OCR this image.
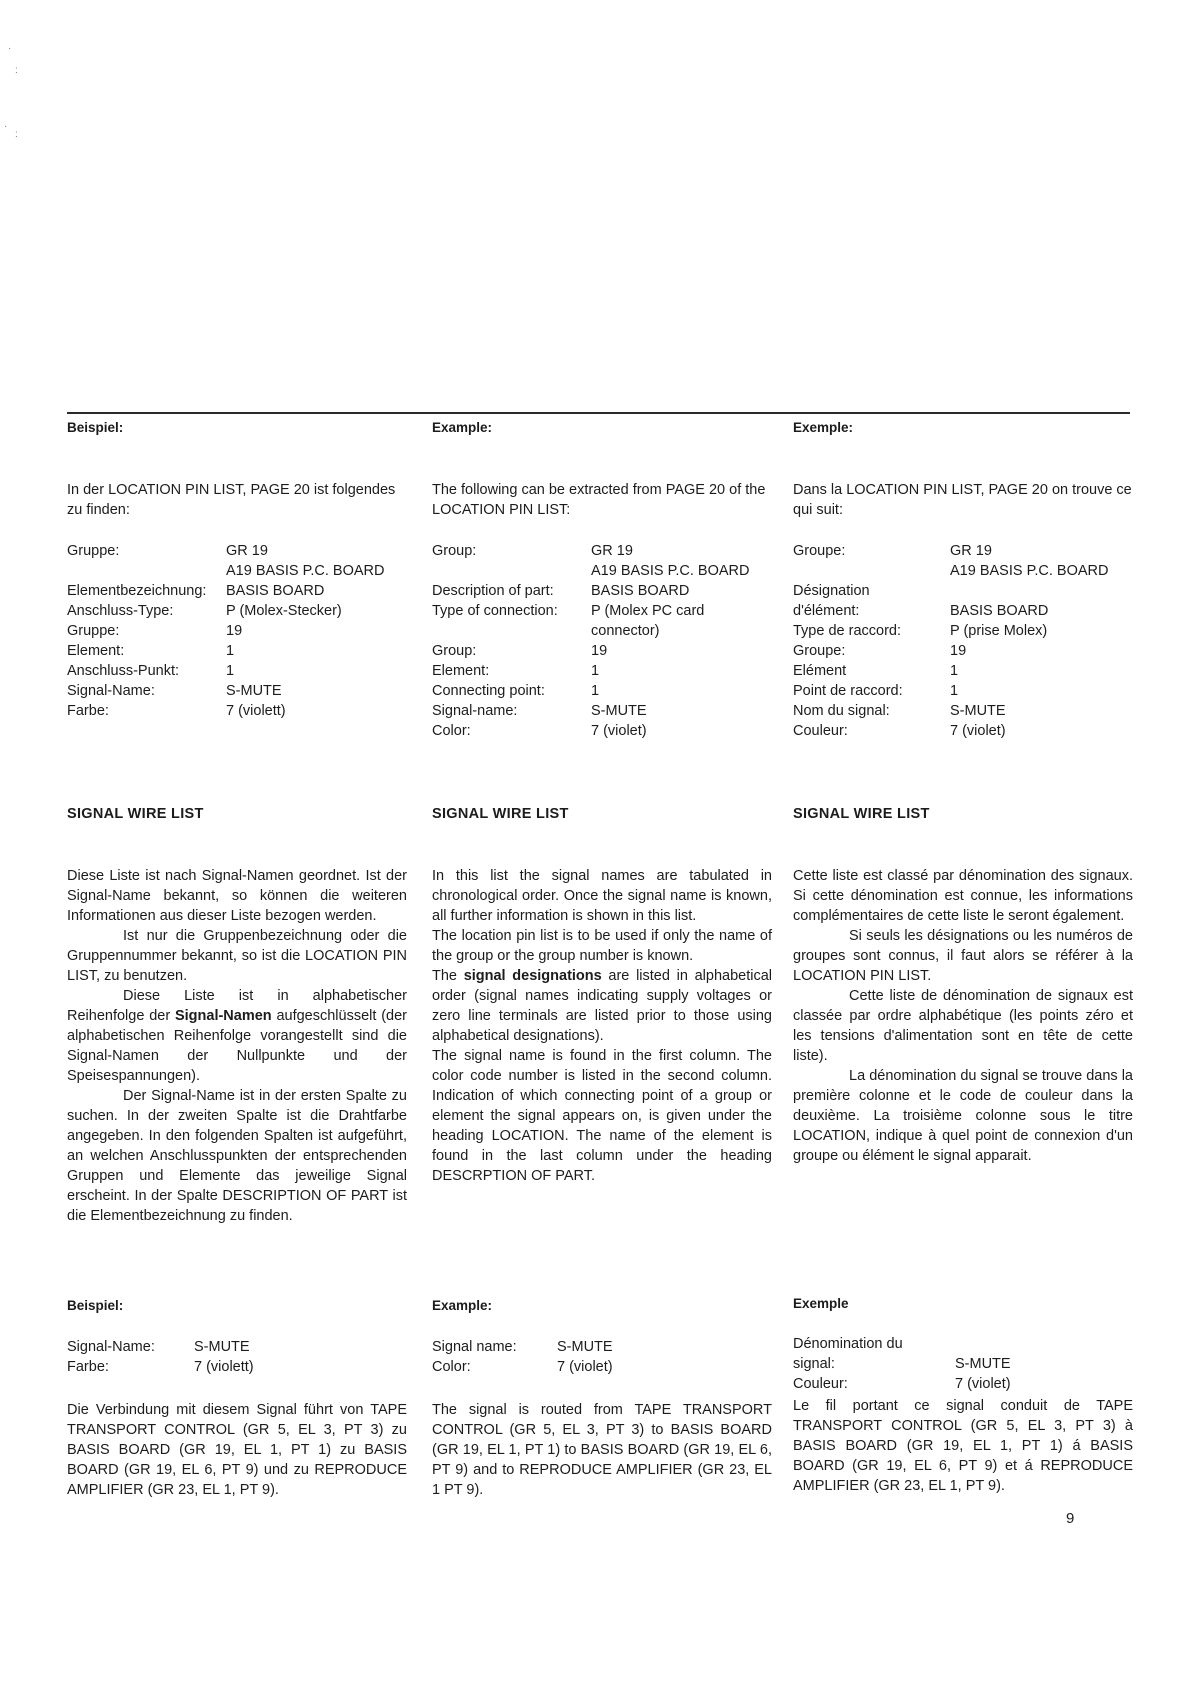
·
:
·
:

Beispiel:

In der LOCATION PIN LIST, PAGE 20 ist folgendes zu finden:

Gruppe:	GR 19
A19 BASIS P.C. BOARD
Elementbezeichnung:	BASIS BOARD
Anschluss-Type:	P (Molex-Stecker)
Gruppe:	19
Element:	1
Anschluss-Punkt:	1
Signal-Name:	S-MUTE
Farbe:	7 (violett)

SIGNAL WIRE LIST

Diese Liste ist nach Signal-Namen geordnet. Ist der Signal-Name bekannt, so können die weiteren Informationen aus dieser Liste bezogen werden.

Ist nur die Gruppenbezeichnung oder die Gruppennummer bekannt, so ist die LOCATION PIN LIST, zu benutzen.

Diese Liste ist in alphabetischer Reihenfolge der Signal-Namen aufgeschlüsselt (der alphabetischen Reihenfolge vorangestellt sind die Signal-Namen der Nullpunkte und der Speisespannungen).

Der Signal-Name ist in der ersten Spalte zu suchen. In der zweiten Spalte ist die Drahtfarbe angegeben. In den folgenden Spalten ist aufgeführt, an welchen Anschlusspunkten der entsprechenden Gruppen und Elemente das jeweilige Signal erscheint. In der Spalte DESCRIPTION OF PART ist die Elementbezeichnung zu finden.

Beispiel:

Signal-Name:	S-MUTE
Farbe:	7 (violett)

Die Verbindung mit diesem Signal führt von TAPE TRANSPORT CONTROL (GR 5, EL 3, PT 3) zu BASIS BOARD (GR 19, EL 1, PT 1) zu BASIS BOARD (GR 19, EL 6, PT 9) und zu REPRODUCE AMPLIFIER (GR 23, EL 1, PT 9).

Example:

The following can be extracted from PAGE 20 of the LOCATION PIN LIST:

Group:	GR 19
A19 BASIS P.C. BOARD
Description of part:	BASIS BOARD
Type of connection:	P (Molex PC card connector)
Group:	19
Element:	1
Connecting point:	1
Signal-name:	S-MUTE
Color:	7 (violet)

SIGNAL WIRE LIST

In this list the signal names are tabulated in chronological order. Once the signal name is known, all further information is shown in this list.

The location pin list is to be used if only the name of the group or the group number is known.

The signal designations are listed in alphabetical order (signal names indicating supply voltages or zero line terminals are listed prior to those using alphabetical designations).

The signal name is found in the first column. The color code number is listed in the second column. Indication of which connecting point of a group or element the signal appears on, is given under the heading LOCATION. The name of the element is found in the last column under the heading DESCRPTION OF PART.

Example:

Signal name:	S-MUTE
Color:	7 (violet)

The signal is routed from TAPE TRANSPORT CONTROL (GR 5, EL 3, PT 3) to BASIS BOARD (GR 19, EL 1, PT 1) to BASIS BOARD (GR 19, EL 6, PT 9) and to REPRODUCE AMPLIFIER (GR 23, EL 1 PT 9).

Exemple:

Dans la LOCATION PIN LIST, PAGE 20 on trouve ce qui suit:

Groupe:	GR 19
A19 BASIS P.C. BOARD
Désignation
d'élément:	BASIS BOARD
Type de raccord:	P (prise Molex)
Groupe:	19
Elément	1
Point de raccord:	1
Nom du signal:	S-MUTE
Couleur:	7 (violet)

SIGNAL WIRE LIST

Cette liste est classé par dénomination des signaux. Si cette dénomination est connue, les informations complémentaires de cette liste le seront également.

Si seuls les désignations ou les numéros de groupes sont connus, il faut alors se référer à la LOCATION PIN LIST.

Cette liste de dénomination de signaux est classée par ordre alphabétique (les points zéro et les tensions d'alimentation sont en tête de cette liste).

La dénomination du signal se trouve dans la première colonne et le code de couleur dans la deuxième. La troisième colonne sous le titre LOCATION, indique à quel point de connexion d'un groupe ou élément le signal apparait.

Exemple

Dénomination du
signal:	S-MUTE
Couleur:	7 (violet)

Le fil portant ce signal conduit de TAPE TRANSPORT CONTROL (GR 5, EL 3, PT 3) à BASIS BOARD (GR 19, EL 1, PT 1) á BASIS BOARD (GR 19, EL 6, PT 9) et á REPRODUCE AMPLIFIER (GR 23, EL 1, PT 9).

9
